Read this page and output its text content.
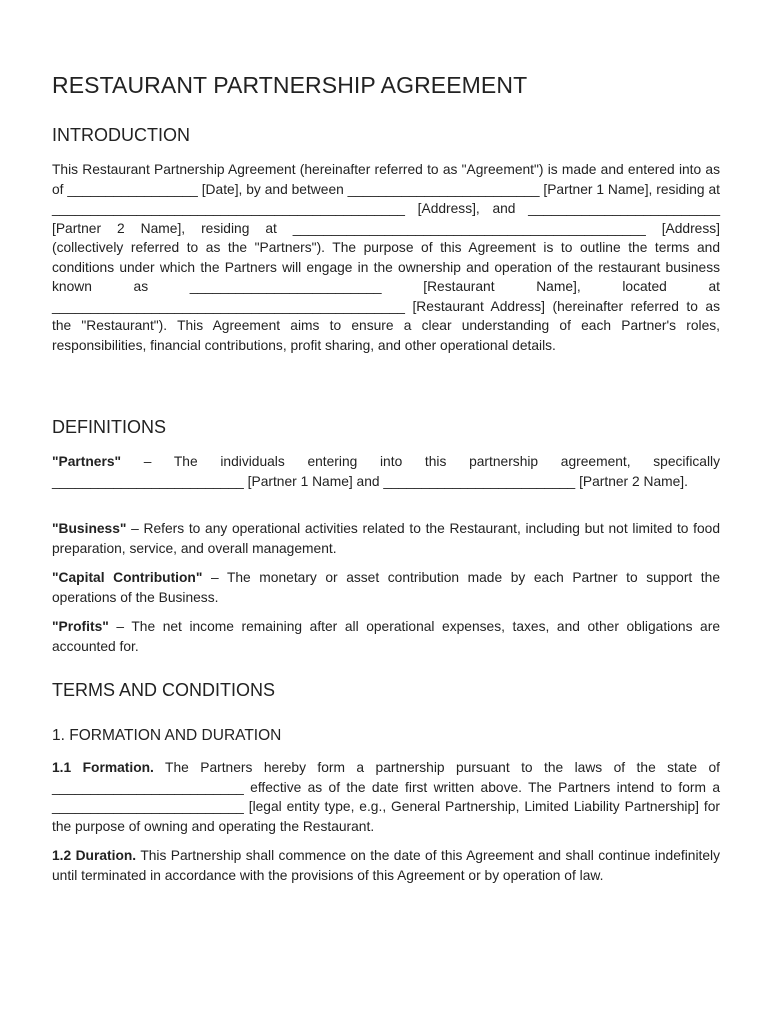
RESTAURANT PARTNERSHIP AGREEMENT
INTRODUCTION

This Restaurant Partnership Agreement (hereinafter referred to as "Agreement") is made and entered into as of _________________ [Date], by and between _________________________ [Partner 1 Name], residing at ______________________________________________ [Address], and _________________________ [Partner 2 Name], residing at ______________________________________________ [Address] (collectively referred to as the "Partners"). The purpose of this Agreement is to outline the terms and conditions under which the Partners will engage in the ownership and operation of the restaurant business known as _________________________ [Restaurant Name], located at ______________________________________________ [Restaurant Address] (hereinafter referred to as the "Restaurant"). This Agreement aims to ensure a clear understanding of each Partner's roles, responsibilities, financial contributions, profit sharing, and other operational details.

DEFINITIONS

"Partners" – The individuals entering into this partnership agreement, specifically _________________________ [Partner 1 Name] and _________________________ [Partner 2 Name].

"Business" – Refers to any operational activities related to the Restaurant, including but not limited to food preparation, service, and overall management.

"Capital Contribution" – The monetary or asset contribution made by each Partner to support the operations of the Business.

"Profits" – The net income remaining after all operational expenses, taxes, and other obligations are accounted for.

TERMS AND CONDITIONS
1. FORMATION AND DURATION

1.1 Formation. The Partners hereby form a partnership pursuant to the laws of the state of _________________________ effective as of the date first written above. The Partners intend to form a _________________________ [legal entity type, e.g., General Partnership, Limited Liability Partnership] for the purpose of owning and operating the Restaurant.

1.2 Duration. This Partnership shall commence on the date of this Agreement and shall continue indefinitely until terminated in accordance with the provisions of this Agreement or by operation of law.
